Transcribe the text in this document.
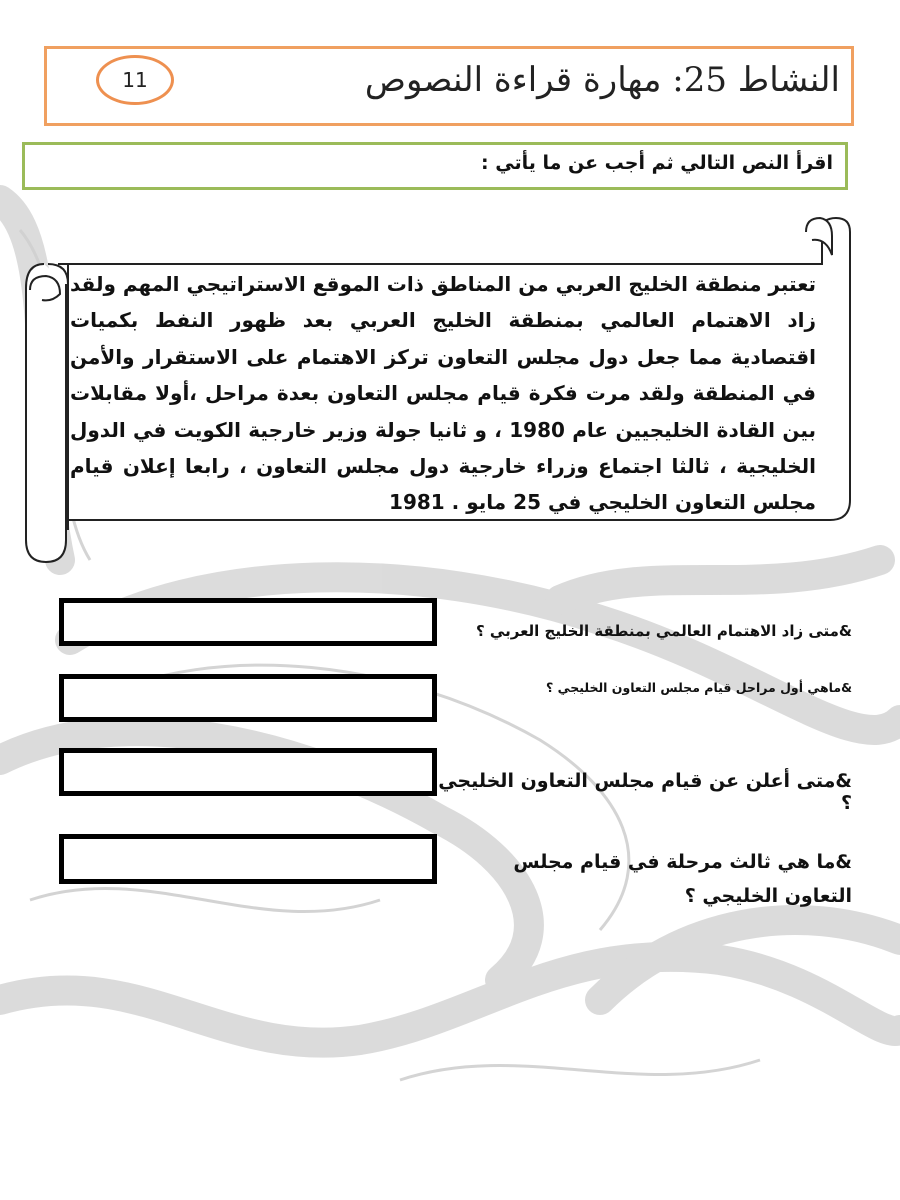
11	النشاط 25: مهارة قراءة النصوص
اقرأ النص التالي ثم أجب عن ما يأتي :
تعتبر منطقة الخليج العربي من المناطق ذات الموقع الاستراتيجي المهم ولقد زاد الاهتمام العالمي بمنطقة الخليج العربي بعد ظهور النفط بكميات اقتصادية مما جعل دول مجلس التعاون تركز الاهتمام على الاستقرار والأمن في المنطقة ولقد مرت فكرة قيام مجلس التعاون بعدة مراحل ،أولا مقابلات بين القادة الخليجيين عام 1980 ، و ثانيا جولة وزير خارجية الكويت في الدول الخليجية ، ثالثا اجتماع وزراء خارجية دول مجلس التعاون ، رابعا إعلان قيام مجلس التعاون الخليجي في 25 مايو . 1981
&متى زاد الاهتمام العالمي بمنطقة الخليج العربي ؟
&ماهي أول مراحل قيام مجلس التعاون الخليجي ؟
&متى أعلن عن قيام مجلس التعاون الخليجي ؟
&ما هي ثالث مرحلة في قيام مجلس التعاون الخليجي ؟
